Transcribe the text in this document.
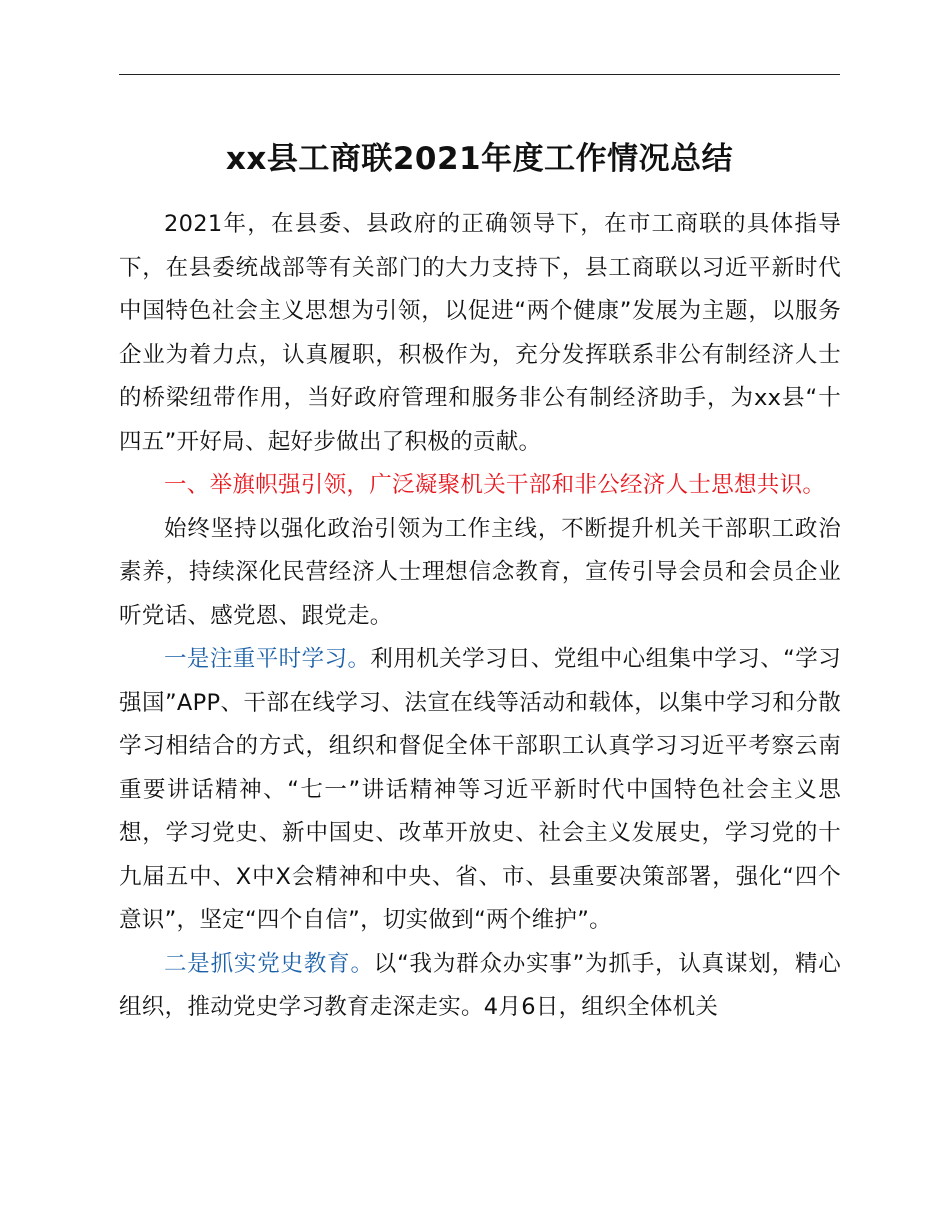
xx县工商联2021年度工作情况总结

2021年，在县委、县政府的正确领导下，在市工商联的具体指导下，在县委统战部等有关部门的大力支持下，县工商联以习近平新时代中国特色社会主义思想为引领，以促进“两个健康”发展为主题，以服务企业为着力点，认真履职，积极作为，充分发挥联系非公有制经济人士的桥梁纽带作用，当好政府管理和服务非公有制经济助手，为xx县“十四五”开好局、起好步做出了积极的贡献。

一、举旗帜强引领，广泛凝聚机关干部和非公经济人士思想共识。

始终坚持以强化政治引领为工作主线，不断提升机关干部职工政治素养，持续深化民营经济人士理想信念教育，宣传引导会员和会员企业听党话、感党恩、跟党走。

一是注重平时学习。利用机关学习日、党组中心组集中学习、“学习强国”APP、干部在线学习、法宣在线等活动和载体，以集中学习和分散学习相结合的方式，组织和督促全体干部职工认真学习习近平考察云南重要讲话精神、“七一”讲话精神等习近平新时代中国特色社会主义思想，学习党史、新中国史、改革开放史、社会主义发展史，学习党的十九届五中、X中X会精神和中央、省、市、县重要决策部署，强化“四个意识”，坚定“四个自信”，切实做到“两个维护”。

二是抓实党史教育。以“我为群众办实事”为抓手，认真谋划，精心组织，推动党史学习教育走深走实。4月6日，组织全体机关
